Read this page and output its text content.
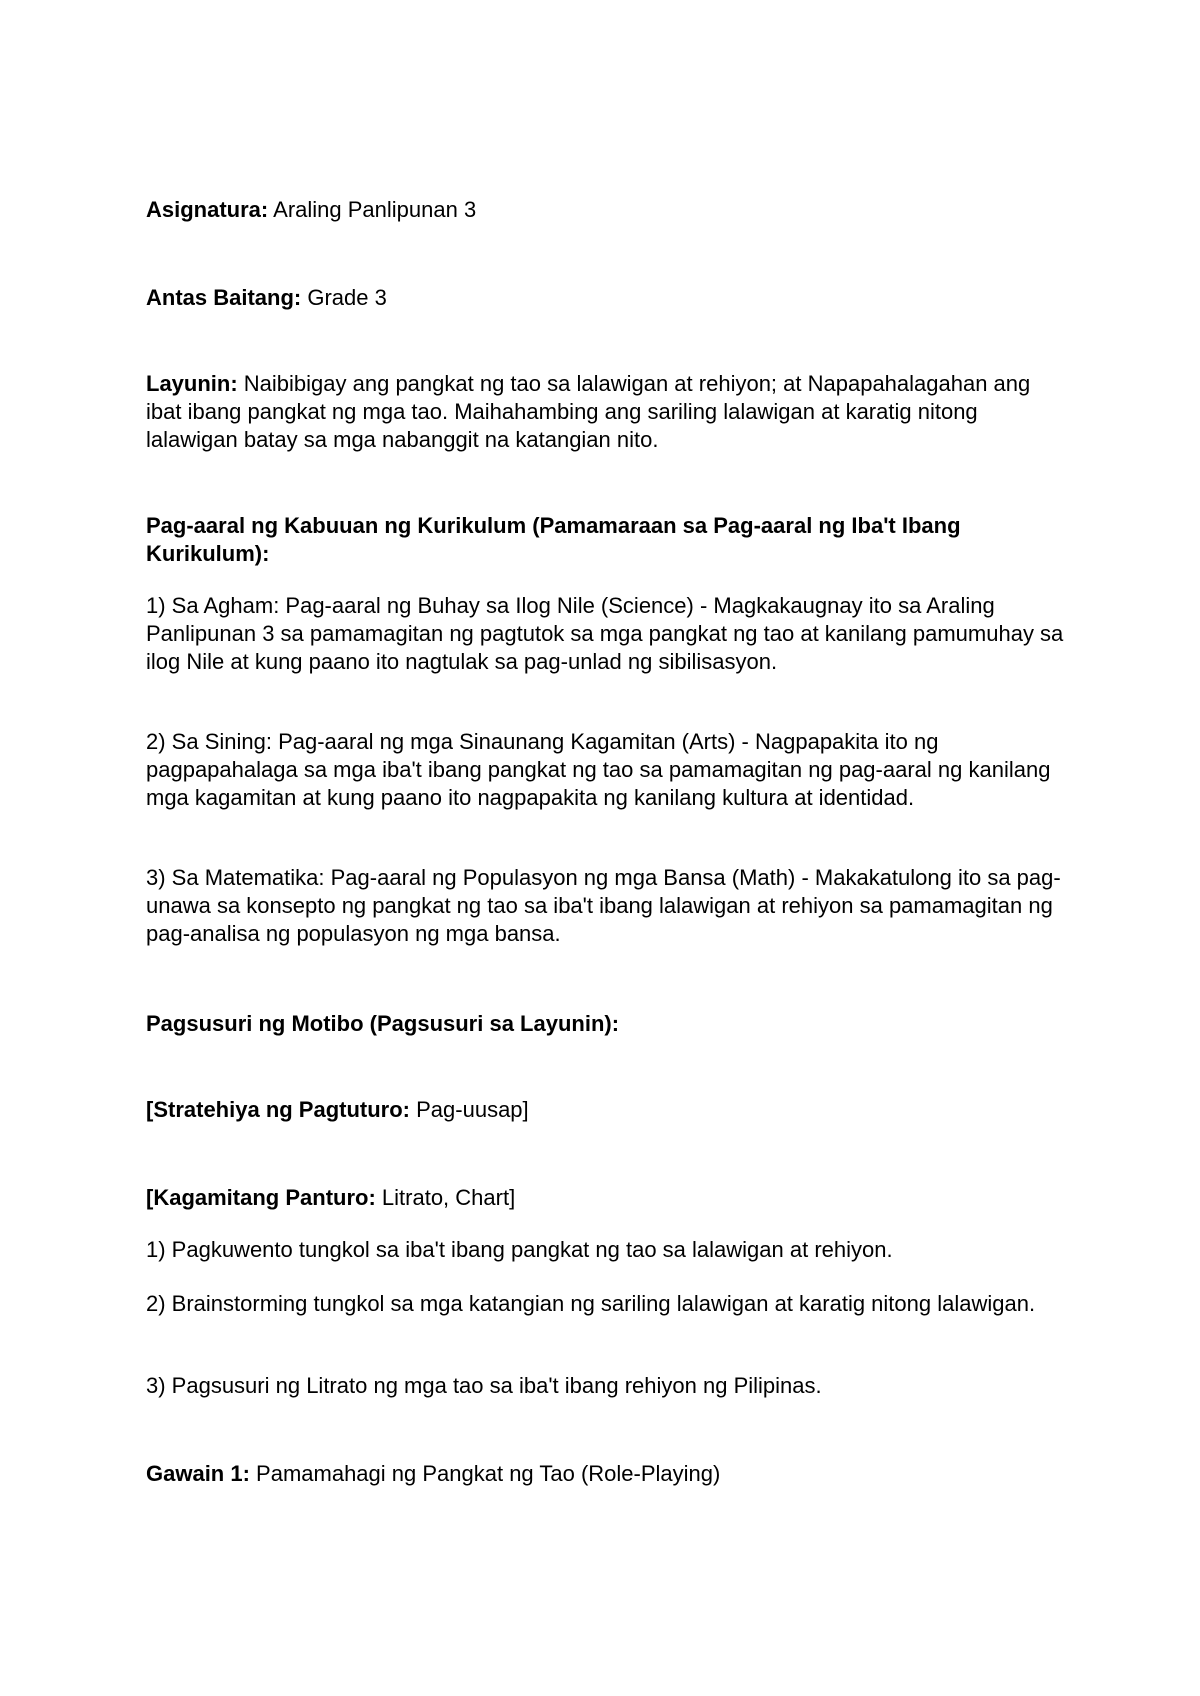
Asignatura: Araling Panlipunan 3

Antas Baitang: Grade 3

Layunin: Naibibigay ang pangkat ng tao sa lalawigan at rehiyon; at Napapahalagahan ang ibat ibang pangkat ng mga tao. Maihahambing ang sariling lalawigan at karatig nitong lalawigan batay sa mga nabanggit na katangian nito.

Pag-aaral ng Kabuuan ng Kurikulum (Pamamaraan sa Pag-aaral ng Iba't Ibang Kurikulum):

1) Sa Agham: Pag-aaral ng Buhay sa Ilog Nile (Science) - Magkakaugnay ito sa Araling Panlipunan 3 sa pamamagitan ng pagtutok sa mga pangkat ng tao at kanilang pamumuhay sa ilog Nile at kung paano ito nagtulak sa pag-unlad ng sibilisasyon.

2) Sa Sining: Pag-aaral ng mga Sinaunang Kagamitan (Arts) - Nagpapakita ito ng pagpapahalaga sa mga iba't ibang pangkat ng tao sa pamamagitan ng pag-aaral ng kanilang mga kagamitan at kung paano ito nagpapakita ng kanilang kultura at identidad.

3) Sa Matematika: Pag-aaral ng Populasyon ng mga Bansa (Math) - Makakatulong ito sa pag-unawa sa konsepto ng pangkat ng tao sa iba't ibang lalawigan at rehiyon sa pamamagitan ng pag-analisa ng populasyon ng mga bansa.

Pagsusuri ng Motibo (Pagsusuri sa Layunin):

[Stratehiya ng Pagtuturo: Pag-uusap]

[Kagamitang Panturo: Litrato, Chart]

1) Pagkuwento tungkol sa iba't ibang pangkat ng tao sa lalawigan at rehiyon.

2) Brainstorming tungkol sa mga katangian ng sariling lalawigan at karatig nitong lalawigan.

3) Pagsusuri ng Litrato ng mga tao sa iba't ibang rehiyon ng Pilipinas.

Gawain 1: Pamamahagi ng Pangkat ng Tao (Role-Playing)
